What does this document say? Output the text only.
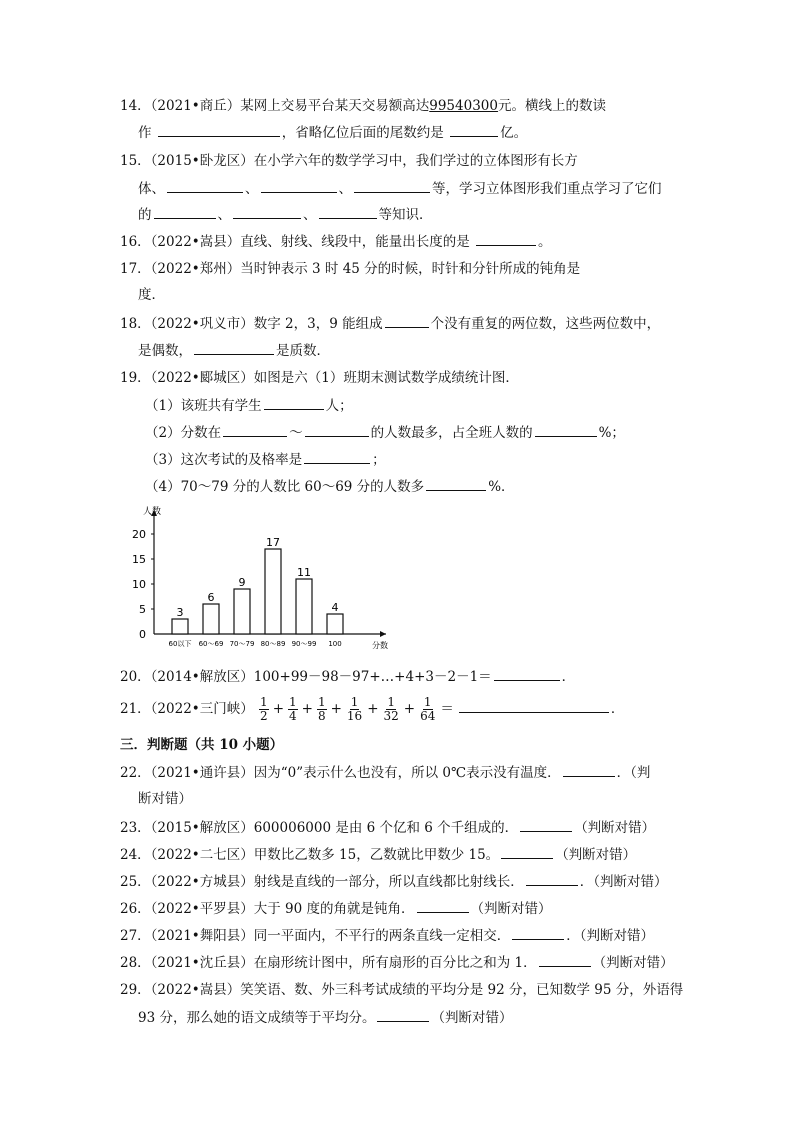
14．（2021•商丘）某网上交易平台某天交易额高达99540300元。横线上的数读
作	，省略亿位后面的尾数约是	亿。
15．（2015•卧龙区）在小学六年的数学学习中，我们学过的立体图形有长方
体、	、	、	等，学习立体图形我们重点学习了它们
的	、	、	等知识．
16．（2022•嵩县）直线、射线、线段中，能量出长度的是	。
17．（2022•郑州）当时钟表示 3 时 45 分的时候，时针和分针所成的钝角是
度．
18．（2022•巩义市）数字 2，3，9 能组成	个没有重复的两位数，这些两位数中，
是偶数，	是质数．
19．（2022•郾城区）如图是六（1）班期末测试数学成绩统计图．
（1）该班共有学生	人；
（2）分数在	～	的人数最多，占全班人数的	%；
（3）这次考试的及格率是	；
（4）70～79 分的人数比 60～69 分的人数多	%．
人数
分数
0
5
10
15
20
3
60以下
6
60～69
9
70～79
17
80～89
11
90～99
4
100
20．（2014•解放区）100+99－98－97+…+4+3－2－1＝	．
21．（2022•三门峡） $\frac{1}{2} + \frac{1}{4} + \frac{1}{8} + \frac{1}{16} + \frac{1}{32} + \frac{1}{64}$ ＝	．
三．判断题（共 10 小题）
22．（2021•通许县）因为“0”表示什么也没有，所以 0℃表示没有温度．	．（判
断对错）
23．（2015•解放区）600006000 是由 6 个亿和 6 个千组成的．	（判断对错）
24．（2022•二七区）甲数比乙数多 15，乙数就比甲数少 15。	（判断对错）
25．（2022•方城县）射线是直线的一部分，所以直线都比射线长．	．（判断对错）
26．（2022•平罗县）大于 90 度的角就是钝角．	（判断对错）
27．（2021•舞阳县）同一平面内，不平行的两条直线一定相交．	．（判断对错）
28．（2021•沈丘县）在扇形统计图中，所有扇形的百分比之和为 1．	（判断对错）
29．（2022•嵩县）笑笑语、数、外三科考试成绩的平均分是 92 分，已知数学 95 分，外语得
93 分，那么她的语文成绩等于平均分。	（判断对错）
